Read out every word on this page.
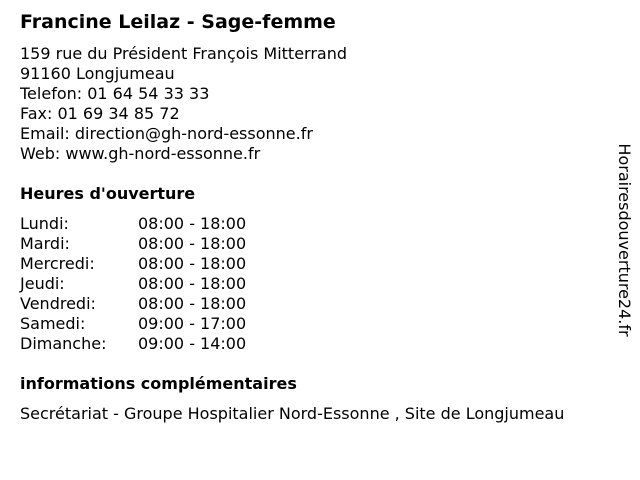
Francine Leilaz - Sage-femme
159 rue du Président François Mitterrand
91160 Longjumeau
Telefon: 01 64 54 33 33
Fax: 01 69 34 85 72
Email: direction@gh-nord-essonne.fr
Web: www.gh-nord-essonne.fr
Heures d'ouverture
Lundi:	08:00 - 18:00
Mardi:	08:00 - 18:00
Mercredi:	08:00 - 18:00
Jeudi:	08:00 - 18:00
Vendredi:	08:00 - 18:00
Samedi:	09:00 - 17:00
Dimanche: 09:00 - 14:00
informations complémentaires
Secrétariat - Groupe Hospitalier Nord-Essonne , Site de Longjumeau
Horairesdouverture24.fr
